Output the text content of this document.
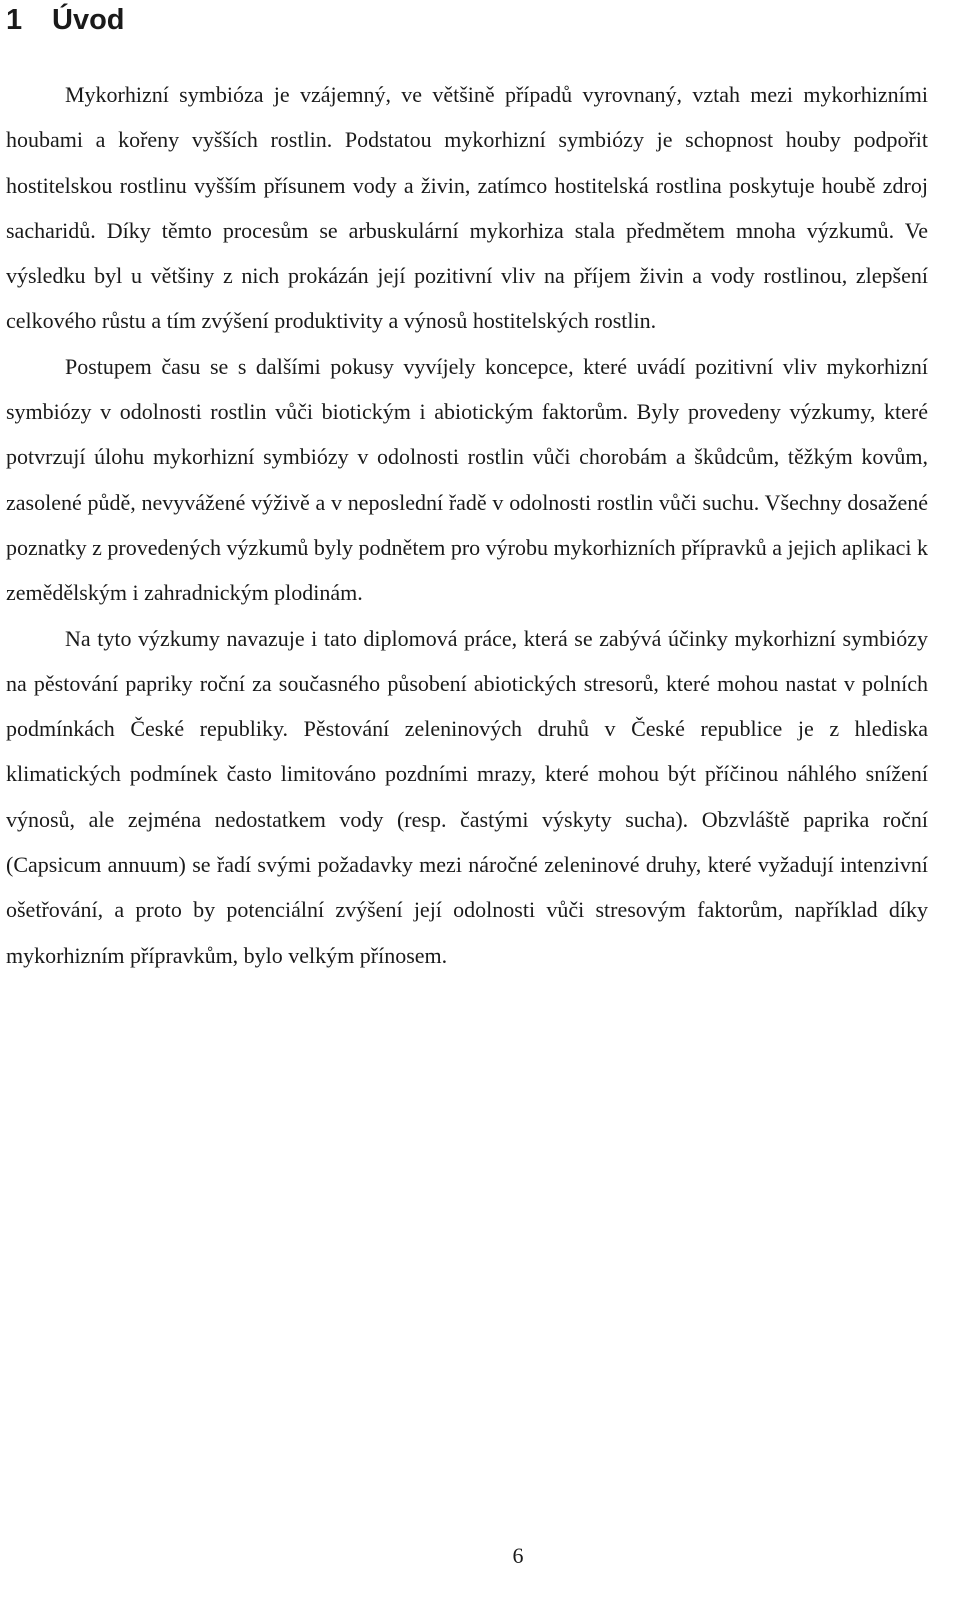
1 Úvod

Mykorhizní symbióza je vzájemný, ve většině případů vyrovnaný, vztah mezi mykorhizními houbami a kořeny vyšších rostlin. Podstatou mykorhizní symbiózy je schopnost houby podpořit hostitelskou rostlinu vyšším přísunem vody a živin, zatímco hostitelská rostlina poskytuje houbě zdroj sacharidů. Díky těmto procesům se arbuskulární mykorhiza stala předmětem mnoha výzkumů. Ve výsledku byl u většiny z nich prokázán její pozitivní vliv na příjem živin a vody rostlinou, zlepšení celkového růstu a tím zvýšení produktivity a výnosů hostitelských rostlin.

Postupem času se s dalšími pokusy vyvíjely koncepce, které uvádí pozitivní vliv mykorhizní symbiózy v odolnosti rostlin vůči biotickým i abiotickým faktorům. Byly provedeny výzkumy, které potvrzují úlohu mykorhizní symbiózy v odolnosti rostlin vůči chorobám a škůdcům, těžkým kovům, zasolené půdě, nevyvážené výživě a v neposlední řadě v odolnosti rostlin vůči suchu. Všechny dosažené poznatky z provedených výzkumů byly podnětem pro výrobu mykorhizních přípravků a jejich aplikaci k zemědělským i zahradnickým plodinám.

Na tyto výzkumy navazuje i tato diplomová práce, která se zabývá účinky mykorhizní symbiózy na pěstování papriky roční za současného působení abiotických stresorů, které mohou nastat v polních podmínkách České republiky. Pěstování zeleninových druhů v České republice je z hlediska klimatických podmínek často limitováno pozdními mrazy, které mohou být příčinou náhlého snížení výnosů, ale zejména nedostatkem vody (resp. častými výskyty sucha). Obzvláště paprika roční (Capsicum annuum) se řadí svými požadavky mezi náročné zeleninové druhy, které vyžadují intenzivní ošetřování, a proto by potenciální zvýšení její odolnosti vůči stresovým faktorům, například díky mykorhizním přípravkům, bylo velkým přínosem.

6
